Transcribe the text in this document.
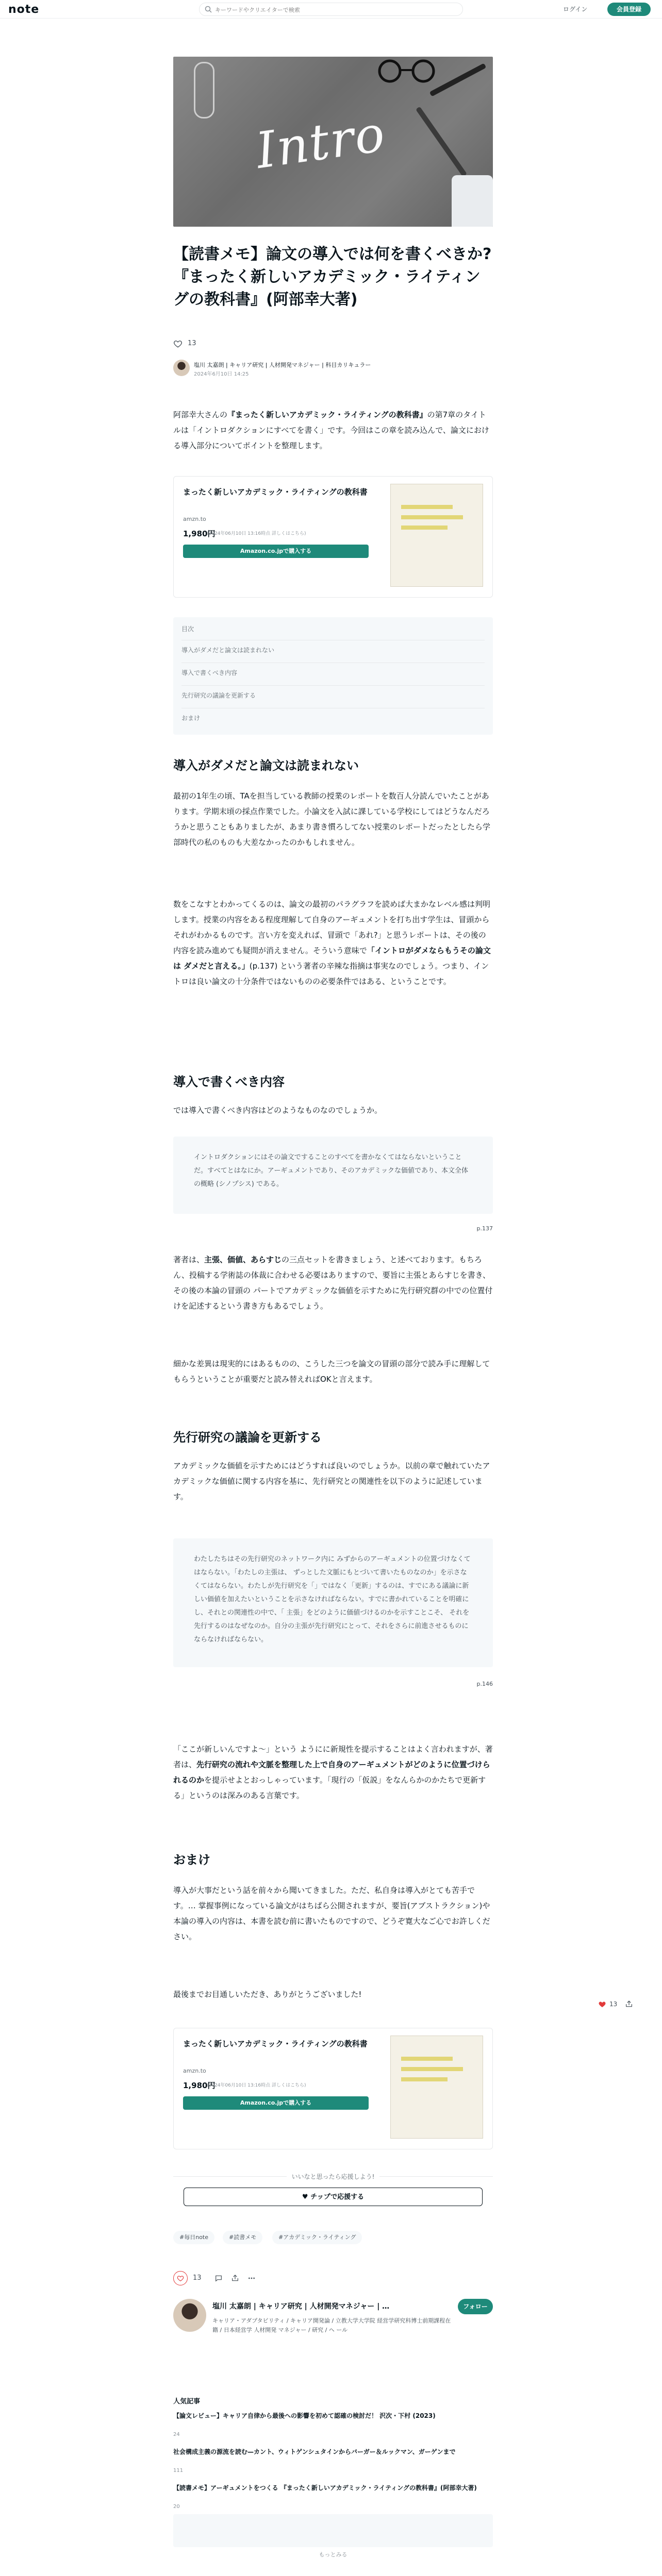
note
キーワードやクリエイターで検索	ログイン	会員登録
Intro
【読書メモ】論文の導入では何を書くべきか?『まったく新しいアカデミック・ライティングの教科書』(阿部幸大著)
13
塩川 太嘉朗 | キャリア研究 | 人材開発マネジャー | 科目カリキュラー
2024年6月10日 14:25

阿部幸大さんの『まったく新しいアカデミック・ライティングの教科書』の第7章のタイトルは「イントロダクションにすべてを書く」です。今回はこの章を読み込んで、論文における導入部分についてポイントを整理します。

まったく新しいアカデミック・ライティングの教科書
amzn.to
1,980円
(2024年06月10日 13:16時点 詳しくはこちら)
Amazon.co.jpで購入する
目次
導入がダメだと論文は読まれない
導入で書くべき内容
先行研究の議論を更新する
おまけ
導入がダメだと論文は読まれない

最初の1年生の頃、TAを担当している教師の授業のレポートを数百人分読んでいたことがあります。学期末頃の採点作業でした。小論文を入試に課している学校にしてはどうなんだろうかと思うこともありましたが、あまり書き慣ろしてない授業のレポートだったとしたら学部時代の私のものも大差なかったのかもしれません。

数をこなすとわかってくるのは、論文の最初のパラグラフを読めば大まかなレベル感は判明します。授業の内容をある程度理解して自身のアーギュメントを打ち出す学生は、冒頭から それがわかるものです。言い方を変えれば、冒頭で「あれ?」と思うレポートは、その後の内容を読み進めても疑問が消えません。そういう意味で「イントロがダメならもうその論文は ダメだと言える。」(p.137) という著者の辛辣な指摘は事実なのでしょう。つまり、イントロは良い論文の十分条件ではないものの必要条件ではある、ということです。

導入で書くべき内容

では導入で書くべき内容はどのようなものなのでしょうか。

イントロダクションにはその論文ですることのすべてを書かなくてはならないということだ。すべてとはなにか。アーギュメントであり、そのアカデミックな価値であり、本文全体の概略 (シノプシス) である。
p.137

著者は、主張、価値、あらすじの三点セットを書きましょう、と述べております。もちろん、投稿する学術誌の体裁に合わせる必要はありますので、要旨に主張とあらすじを書き、その後の本論の冒頭の パートでアカデミックな価値を示すために先行研究群の中での位置付けを記述するという書き方もあるでしょう。

細かな差異は現実的にはあるものの、こうした三つを論文の冒頭の部分で読み手に理解してもらうということが重要だと読み替えればOKと言えます。

先行研究の議論を更新する

アカデミックな価値を示すためにはどうすれば良いのでしょうか。以前の章で触れていたアカデミックな価値に関する内容を基に、先行研究との関連性を以下のように記述しています。

わたしたちはその先行研究のネットワーク内に みずからのアーギュメントの位置づけなくてはならない。「わたしの主張は、 ずっとした文脈にもとづいて書いたものなのか」を示さなくてはならない。わたしが先行研究を「」ではなく「更新」するのは、すでにある議論に新しい価値を加えたいということを示さなければならない。すでに書かれていることを明確にし、それとの関連性の中で、「 主張」をどのように価値づけるのかを示すことこそ、 それを先行するのはなぜなのか。自分の主張が先行研究にとって、それをさらに前進させるものにならなければならない。
p.146

「ここが新しいんですよ～」という ようにに新規性を提示することはよく言われますが、著者は、先行研究の流れや文脈を整理した上で自身のアーギュメントがどのように位置づけられるのかを提示せよとおっしゃっています。「現行の「仮説」をなんらかのかたちで更新する」というのは深みのある言葉です。

おまけ

導入が大事だという話を前々から聞いてきました。ただ、私自身は導入がとても苦手です。… 掌握事例になっている論文がはちばら公開されますが、要旨(アブストラクション)や本論の導入の内容は、本書を読む前に書いたものですので、どうぞ寛大なご心でお許しください。

最後までお目通しいただき、ありがとうございました!

13
まったく新しいアカデミック・ライティングの教科書
amzn.to
1,980円
(2024年06月10日 13:16時点 詳しくはこちら)
Amazon.co.jpで購入する
いいなと思ったら応援しよう!
♥ チップで応援する
#毎日note	#読書メモ	#アカデミック・ライティング
13
塩川 太嘉朗 | キャリア研究 | 人材開発マネジャー | …	フォロー
キャリア・アダプタビリティ / キャリア開発論 / 立教大学大学院 経営学研究科博士前期課程在籍 / 日本経営学 人材開発 マネジャー / 研究 / ヘ ール
人気記事
【論文レビュー】キャリア自律から最後への影響を初めて認確の検討だ！ 沢次・下村 (2023)
24
社会構成主義の源流を読む—カント、ウィトゲンシュタインからバーガー＆ルックマン、ガーゲンまで
111
【読書メモ】アーギュメントをつくる 『まったく新しいアカデミック・ライティングの教科書』(阿部幸大著)
20
もっとみる
